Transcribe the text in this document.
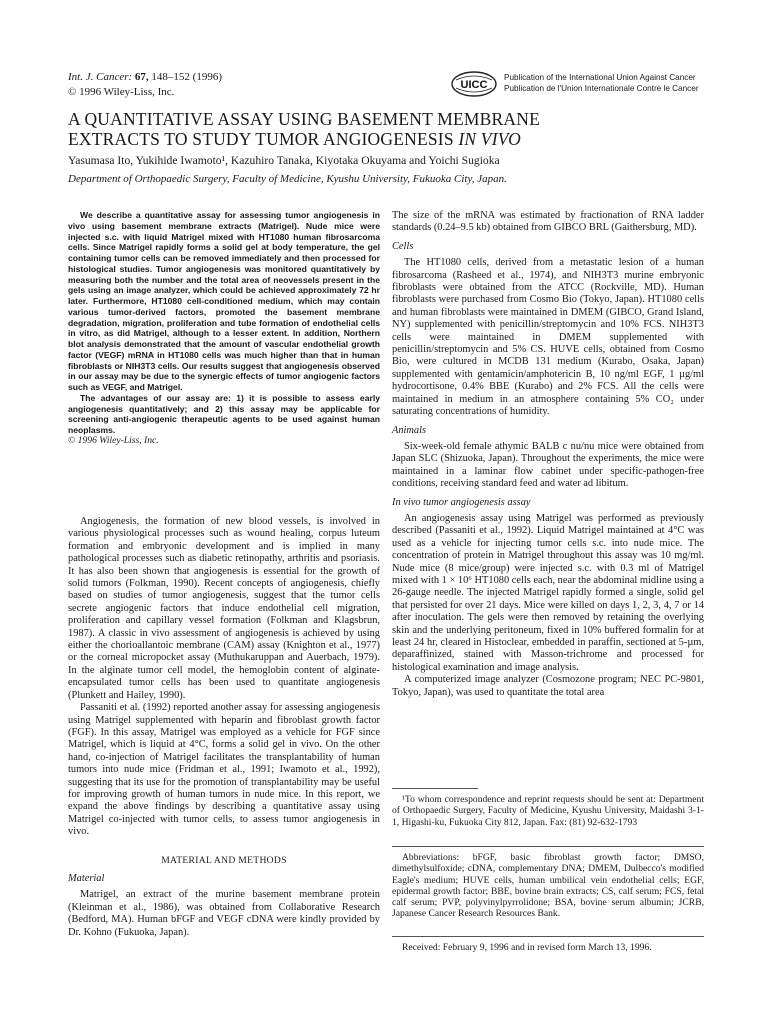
Int. J. Cancer: 67, 148–152 (1996)
© 1996 Wiley-Liss, Inc.
UICC
Publication of the International Union Against Cancer
Publication de l'Union Internationale Contre le Cancer
A QUANTITATIVE ASSAY USING BASEMENT MEMBRANE
EXTRACTS TO STUDY TUMOR ANGIOGENESIS IN VIVO
Yasumasa Ito, Yukihide Iwamoto¹, Kazuhiro Tanaka, Kiyotaka Okuyama and Yoichi Sugioka
Department of Orthopaedic Surgery, Faculty of Medicine, Kyushu University, Fukuoka City, Japan.

We describe a quantitative assay for assessing tumor angiogenesis in vivo using basement membrane extracts (Matrigel). Nude mice were injected s.c. with liquid Matrigel mixed with HT1080 human fibrosarcoma cells. Since Matrigel rapidly forms a solid gel at body temperature, the gel containing tumor cells can be removed immediately and then processed for histological studies. Tumor angiogenesis was monitored quantitatively by measuring both the number and the total area of neovessels present in the gels using an image analyzer, which could be achieved approximately 72 hr later. Furthermore, HT1080 cell-conditioned medium, which may contain various tumor-derived factors, promoted the basement membrane degradation, migration, proliferation and tube formation of endothelial cells in vitro, as did Matrigel, although to a lesser extent. In addition, Northern blot analysis demonstrated that the amount of vascular endothelial growth factor (VEGF) mRNA in HT1080 cells was much higher than that in human fibroblasts or NIH3T3 cells. Our results suggest that angiogenesis observed in our assay may be due to the synergic effects of tumor angiogenic factors such as VEGF, and Matrigel.

The advantages of our assay are: 1) it is possible to assess early angiogenesis quantitatively; and 2) this assay may be applicable for screening anti-angiogenic therapeutic agents to be used against human neoplasms.

© 1996 Wiley-Liss, Inc.

Angiogenesis, the formation of new blood vessels, is involved in various physiological processes such as wound healing, corpus luteum formation and embryonic development and is implied in many pathological processes such as diabetic retinopathy, arthritis and psoriasis. It has also been shown that angiogenesis is essential for the growth of solid tumors (Folkman, 1990). Recent concepts of angiogenesis, chiefly based on studies of tumor angiogenesis, suggest that the tumor cells secrete angiogenic factors that induce endothelial cell migration, proliferation and capillary vessel formation (Folkman and Klagsbrun, 1987). A classic in vivo assessment of angiogenesis is achieved by using either the chorioallantoic membrane (CAM) assay (Knighton et al., 1977) or the corneal micropocket assay (Muthukaruppan and Auerbach, 1979). In the alginate tumor cell model, the hemoglobin content of alginate-encapsulated tumor cells has been used to quantitate angiogenesis (Plunkett and Hailey, 1990).

Passaniti et al. (1992) reported another assay for assessing angiogenesis using Matrigel supplemented with heparin and fibroblast growth factor (FGF). In this assay, Matrigel was employed as a vehicle for FGF since Matrigel, which is liquid at 4°C, forms a solid gel in vivo. On the other hand, co-injection of Matrigel facilitates the transplantability of human tumors into nude mice (Fridman et al., 1991; Iwamoto et al., 1992), suggesting that its use for the promotion of transplantability may be useful for improving growth of human tumors in nude mice. In this report, we expand the above findings by describing a quantitative assay using Matrigel co-injected with tumor cells, to assess tumor angiogenesis in vivo.

MATERIAL AND METHODS
Material

Matrigel, an extract of the murine basement membrane protein (Kleinman et al., 1986), was obtained from Collaborative Research (Bedford, MA). Human bFGF and VEGF cDNA were kindly provided by Dr. Kohno (Fukuoka, Japan).

The size of the mRNA was estimated by fractionation of RNA ladder standards (0.24–9.5 kb) obtained from GIBCO BRL (Gaithersburg, MD).

Cells

The HT1080 cells, derived from a metastatic lesion of a human fibrosarcoma (Rasheed et al., 1974), and NIH3T3 murine embryonic fibroblasts were obtained from the ATCC (Rockville, MD). Human fibroblasts were purchased from Cosmo Bio (Tokyo, Japan). HT1080 cells and human fibroblasts were maintained in DMEM (GIBCO, Grand Island, NY) supplemented with penicillin/streptomycin and 10% FCS. NIH3T3 cells were maintained in DMEM supplemented with penicillin/streptomycin and 5% CS. HUVE cells, obtained from Cosmo Bio, were cultured in MCDB 131 medium (Kurabo, Osaka, Japan) supplemented with gentamicin/amphotericin B, 10 ng/ml EGF, 1 µg/ml hydrocortisone, 0.4% BBE (Kurabo) and 2% FCS. All the cells were maintained in medium in an atmosphere containing 5% CO₂ under saturating concentrations of humidity.

Animals

Six-week-old female athymic BALB c nu/nu mice were obtained from Japan SLC (Shizuoka, Japan). Throughout the experiments, the mice were maintained in a laminar flow cabinet under specific-pathogen-free conditions, receiving standard feed and water ad libitum.

In vivo tumor angiogenesis assay

An angiogenesis assay using Matrigel was performed as previously described (Passaniti et al., 1992). Liquid Matrigel maintained at 4°C was used as a vehicle for injecting tumor cells s.c. into nude mice. The concentration of protein in Matrigel throughout this assay was 10 mg/ml. Nude mice (8 mice/group) were injected s.c. with 0.3 ml of Matrigel mixed with 1 × 10⁶ HT1080 cells each, near the abdominal midline using a 26-gauge needle. The injected Matrigel rapidly formed a single, solid gel that persisted for over 21 days. Mice were killed on days 1, 2, 3, 4, 7 or 14 after inoculation. The gels were then removed by retaining the overlying skin and the underlying peritoneum, fixed in 10% buffered formalin for at least 24 hr, cleared in Histoclear, embedded in paraffin, sectioned at 5-µm, deparaffinized, stained with Masson-trichrome and processed for histological examination and image analysis.

A computerized image analyzer (Cosmozone program; NEC PC-9801, Tokyo, Japan), was used to quantitate the total area

¹To whom correspondence and reprint requests should be sent at: Department of Orthopaedic Surgery, Faculty of Medicine, Kyushu University, Maidashi 3-1-1, Higashi-ku, Fukuoka City 812, Japan. Fax: (81) 92-632-1793

Abbreviations: bFGF, basic fibroblast growth factor; DMSO, dimethylsulfoxide; cDNA, complementary DNA; DMEM, Dulbecco's modified Eagle's medium; HUVE cells, human umbilical vein endothelial cells; EGF, epidermal growth factor; BBE, bovine brain extracts; CS, calf serum; FCS, fetal calf serum; PVP, polyvinylpyrrolidone; BSA, bovine serum albumin; JCRB, Japanese Cancer Research Resources Bank.

Received: February 9, 1996 and in revised form March 13, 1996.
